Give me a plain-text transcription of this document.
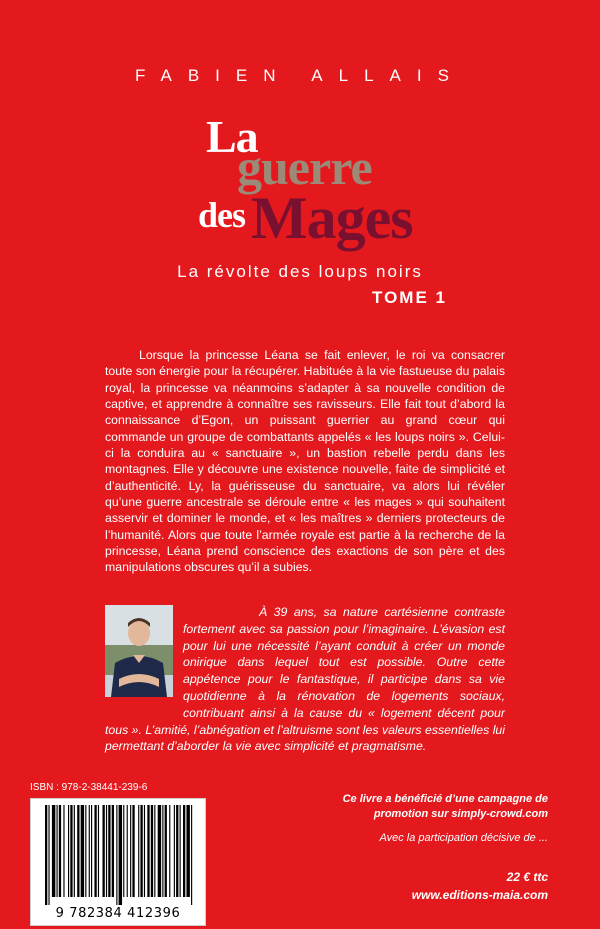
FABIEN ALLAIS
La
guerre
des Mages
La révolte des loups noirs
TOME 1

Lorsque la princesse Léana se fait enlever, le roi va consacrer toute son énergie pour la récupérer. Habituée à la vie fastueuse du palais royal, la princesse va néanmoins s’adapter à sa nouvelle condition de captive, et apprendre à connaître ses ravisseurs. Elle fait tout d’abord la connaissance d’Egon, un puissant guerrier au grand cœur qui commande un groupe de combattants appelés « les loups noirs ». Celui-ci la conduira au « sanctuaire », un bastion rebelle perdu dans les montagnes. Elle y découvre une existence nouvelle, faite de simplicité et d’authenticité. Ly, la guérisseuse du sanctuaire, va alors lui révéler qu’une guerre ancestrale se déroule entre « les mages » qui souhaitent asservir et dominer le monde, et « les maîtres » derniers protecteurs de l’humanité. Alors que toute l’armée royale est partie à la recherche de la princesse, Léana prend conscience des exactions de son père et des manipulations obscures qu’il a subies.

À 39 ans, sa nature cartésienne contraste fortement avec sa passion pour l’imaginaire. L’évasion est pour lui une nécessité l’ayant conduit à créer un monde onirique dans lequel tout est possible. Outre cette appétence pour le fantastique, il participe dans sa vie quotidienne à la rénovation de logements sociaux, contribuant ainsi à la cause du « logement décent pour tous ». L’amitié, l’abnégation et l’altruisme sont les valeurs essentielles lui permettant d’aborder la vie avec simplicité et pragmatisme.

ISBN : 978-2-38441-239-6
9 782384 412396
Ce livre a bénéficié d’une campagne de promotion sur simply-crowd.com
Avec la participation décisive de ...
22 € ttc
www.editions-maia.com
